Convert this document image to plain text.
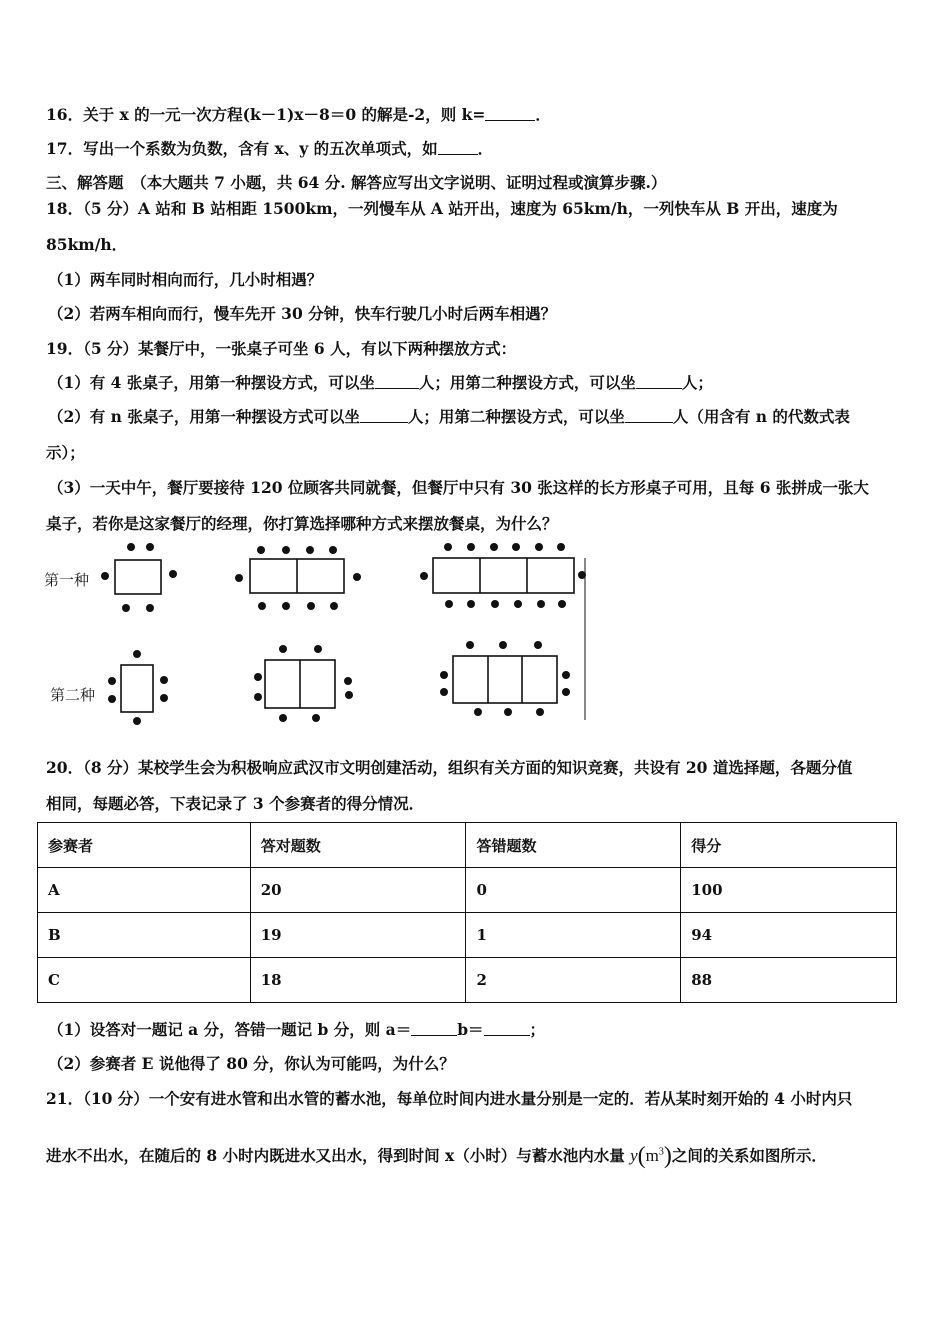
16．关于 x 的一元一次方程(k－1)x－8＝0 的解是-2，则 k=	．
17．写出一个系数为负数，含有 x、y 的五次单项式，如	．
三、解答题　（本大题共 7 小题，共 64 分. 解答应写出文字说明、证明过程或演算步骤.）
18．（5 分）A 站和 B 站相距 1500km，一列慢车从 A 站开出，速度为 65km/h，一列快车从 B 开出，速度为
85km/h．
（1）两车同时相向而行，几小时相遇？
（2）若两车相向而行，慢车先开 30 分钟，快车行驶几小时后两车相遇？
19．（5 分）某餐厅中，一张桌子可坐 6 人，有以下两种摆放方式：
（1）有 4 张桌子，用第一种摆设方式，可以坐	人；用第二种摆设方式，可以坐	人；
（2）有 n 张桌子，用第一种摆设方式可以坐	人；用第二种摆设方式，可以坐	人（用含有 n 的代数式表
示）；
（3）一天中午，餐厅要接待 120 位顾客共同就餐，但餐厅中只有 30 张这样的长方形桌子可用，且每 6 张拼成一张大
桌子，若你是这家餐厅的经理，你打算选择哪种方式来摆放餐桌，为什么？
第一种
第二种
20．（8 分）某校学生会为积极响应武汉市文明创建活动，组织有关方面的知识竞赛，共设有 20 道选择题，各题分值
相同，每题必答，下表记录了 3 个参赛者的得分情况．
参赛者	答对题数	答错题数	得分
A	20	0	100
B	19	1	94
C	18	2	88
（1）设答对一题记 a 分，答错一题记 b 分，则 a＝	b＝	；
（2）参赛者 E 说他得了 80 分，你认为可能吗，为什么？
21．（10 分）一个安有进水管和出水管的蓄水池，每单位时间内进水量分别是一定的．若从某时刻开始的 4 小时内只
进水不出水，在随后的 8 小时内既进水又出水，得到时间 x（小时）与蓄水池内水量 $y(m^3)$之间的关系如图所示．
